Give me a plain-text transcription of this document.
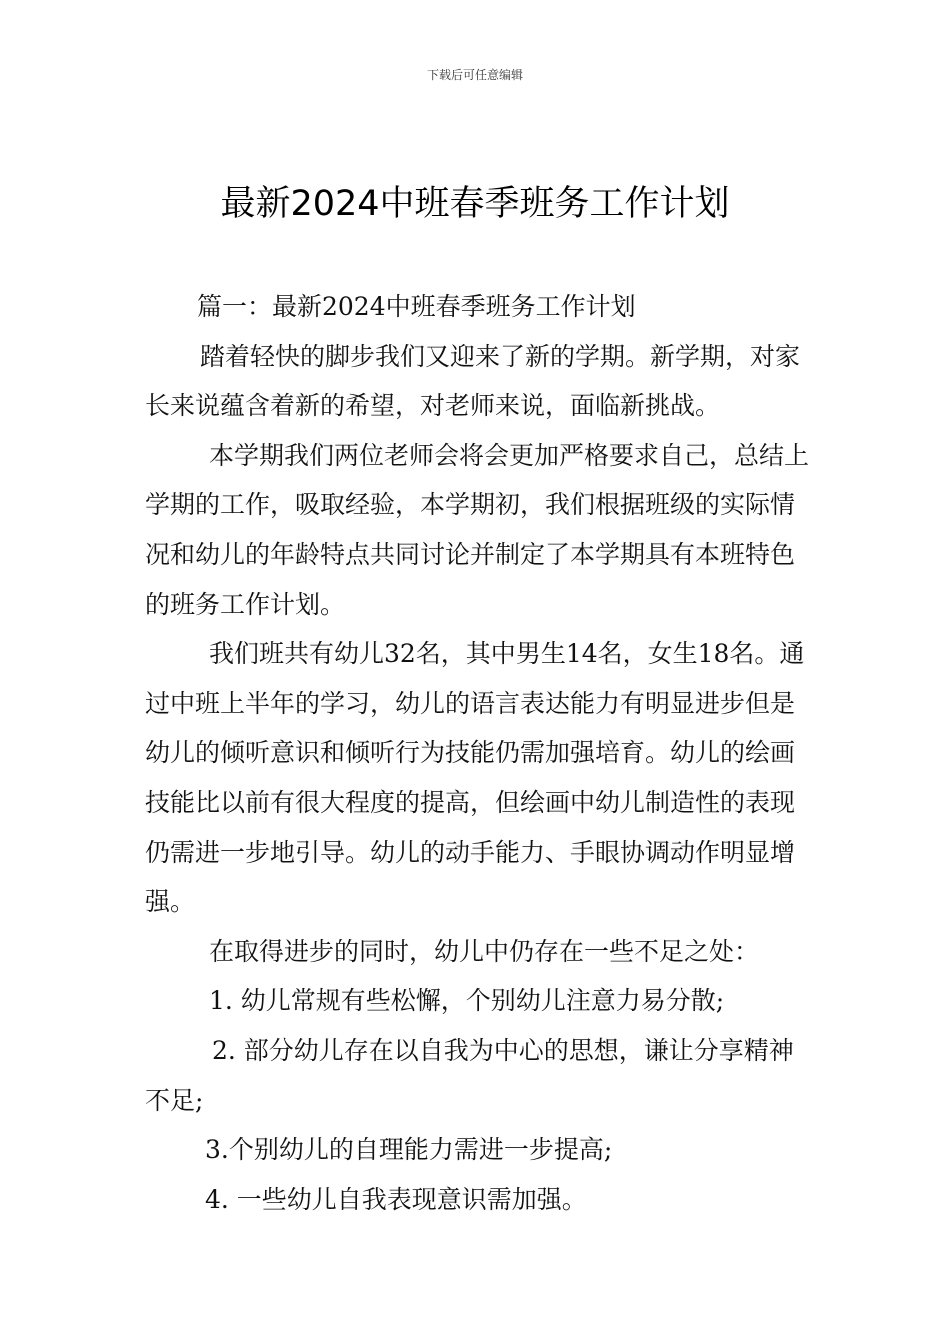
下载后可任意编辑
最新2024中班春季班务工作计划

篇一：最新2024中班春季班务工作计划

踏着轻快的脚步我们又迎来了新的学期。新学期，对家长来说蕴含着新的希望，对老师来说，面临新挑战。

本学期我们两位老师会将会更加严格要求自己，总结上学期的工作，吸取经验，本学期初，我们根据班级的实际情况和幼儿的年龄特点共同讨论并制定了本学期具有本班特色的班务工作计划。

我们班共有幼儿32名，其中男生14名，女生18名。通过中班上半年的学习，幼儿的语言表达能力有明显进步但是幼儿的倾听意识和倾听行为技能仍需加强培育。幼儿的绘画技能比以前有很大程度的提高，但绘画中幼儿制造性的表现仍需进一步地引导。幼儿的动手能力、手眼协调动作明显增强。

在取得进步的同时，幼儿中仍存在一些不足之处：

1. 幼儿常规有些松懈，个别幼儿注意力易分散;

2. 部分幼儿存在以自我为中心的思想，谦让分享精神不足;

3.个别幼儿的自理能力需进一步提高;

4. 一些幼儿自我表现意识需加强。
